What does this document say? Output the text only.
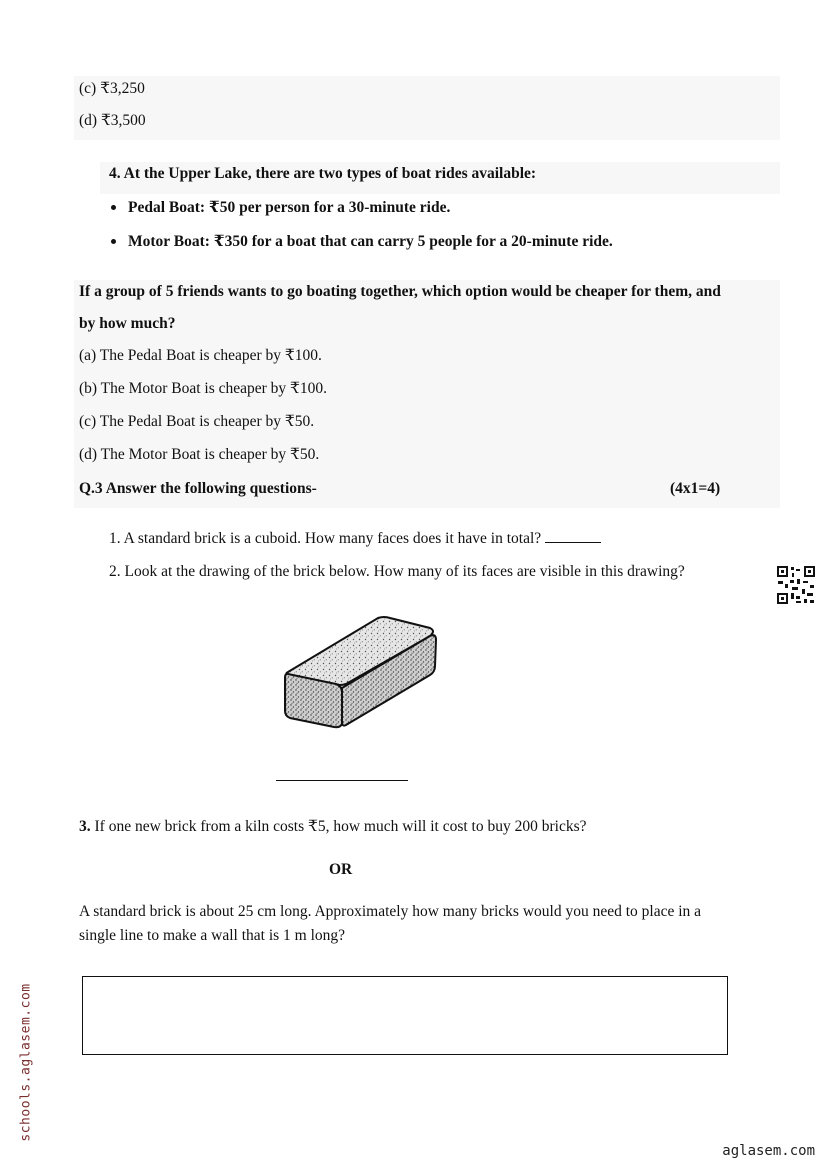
(c) ₹3,250
(d) ₹3,500
4. At the Upper Lake, there are two types of boat rides available:
Pedal Boat: ₹50 per person for a 30-minute ride.
Motor Boat: ₹350 for a boat that can carry 5 people for a 20-minute ride.
If a group of 5 friends wants to go boating together, which option would be cheaper for them, and
by how much?
(a) The Pedal Boat is cheaper by ₹100.
(b) The Motor Boat is cheaper by ₹100.
(c) The Pedal Boat is cheaper by ₹50.
(d) The Motor Boat is cheaper by ₹50.
Q.3 Answer the following questions-	(4x1=4)
1. A standard brick is a cuboid. How many faces does it have in total?
2. Look at the drawing of the brick below. How many of its faces are visible in this drawing?
3. If one new brick from a kiln costs ₹5, how much will it cost to buy 200 bricks?
OR
A standard brick is about 25 cm long. Approximately how many bricks would you need to place in a
single line to make a wall that is 1 m long?
schools.aglasem.com
aglasem.com
